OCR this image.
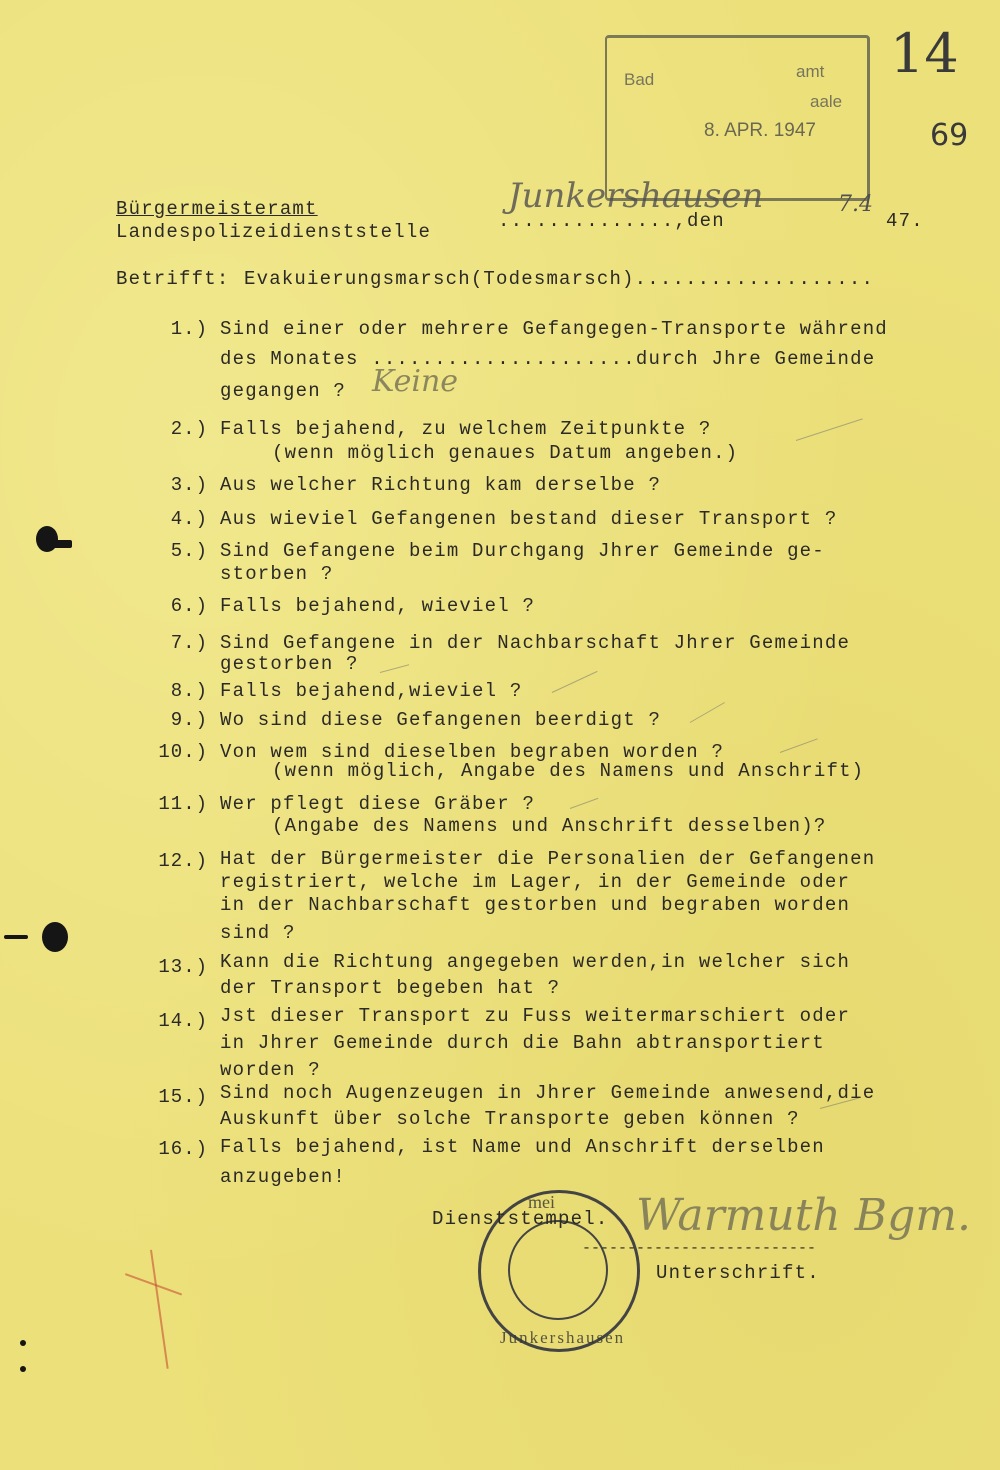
Bad	amt
aale
8. APR. 1947
14
69
Bürgermeisteramt
Landespolizeidienststelle
Junkershausen	7.4
..............,den	47.
Betrifft: Evakuierungsmarsch(Todesmarsch)...................
1.) Sind einer oder mehrere Gefangegen-Transporte während
des Monates .....................durch Jhre Gemeinde
gegangen ? Keine
2.) Falls bejahend, zu welchem Zeitpunkte ?
(wenn möglich genaues Datum angeben.)
3.) Aus welcher Richtung kam derselbe ?
4.) Aus wieviel Gefangenen bestand dieser Transport ?
5.) Sind Gefangene beim Durchgang Jhrer Gemeinde ge-
storben ?
6.) Falls bejahend, wieviel ?
7.) Sind Gefangene in der Nachbarschaft Jhrer Gemeinde
gestorben ?
8.) Falls bejahend,wieviel ?
9.) Wo sind diese Gefangenen beerdigt ?
10.) Von wem sind dieselben begraben worden ?
(wenn möglich, Angabe des Namens und Anschrift)
11.) Wer pflegt diese Gräber ?
(Angabe des Namens und Anschrift desselben)?
12.) Hat der Bürgermeister die Personalien der Gefangenen
registriert, welche im Lager, in der Gemeinde oder
in der Nachbarschaft gestorben und begraben worden
sind ?
13.) Kann die Richtung angegeben werden,in welcher sich
der Transport begeben hat ?
14.) Jst dieser Transport zu Fuss weitermarschiert oder
in Jhrer Gemeinde durch die Bahn abtransportiert
worden ?
15.) Sind noch Augenzeugen in Jhrer Gemeinde anwesend,die
Auskunft über solche Transporte geben können ?
16.) Falls bejahend, ist Name und Anschrift derselben
anzugeben!
mei
Junkershausen
Dienststempel. Warmuth Bgm.
--------------------------
Unterschrift.
